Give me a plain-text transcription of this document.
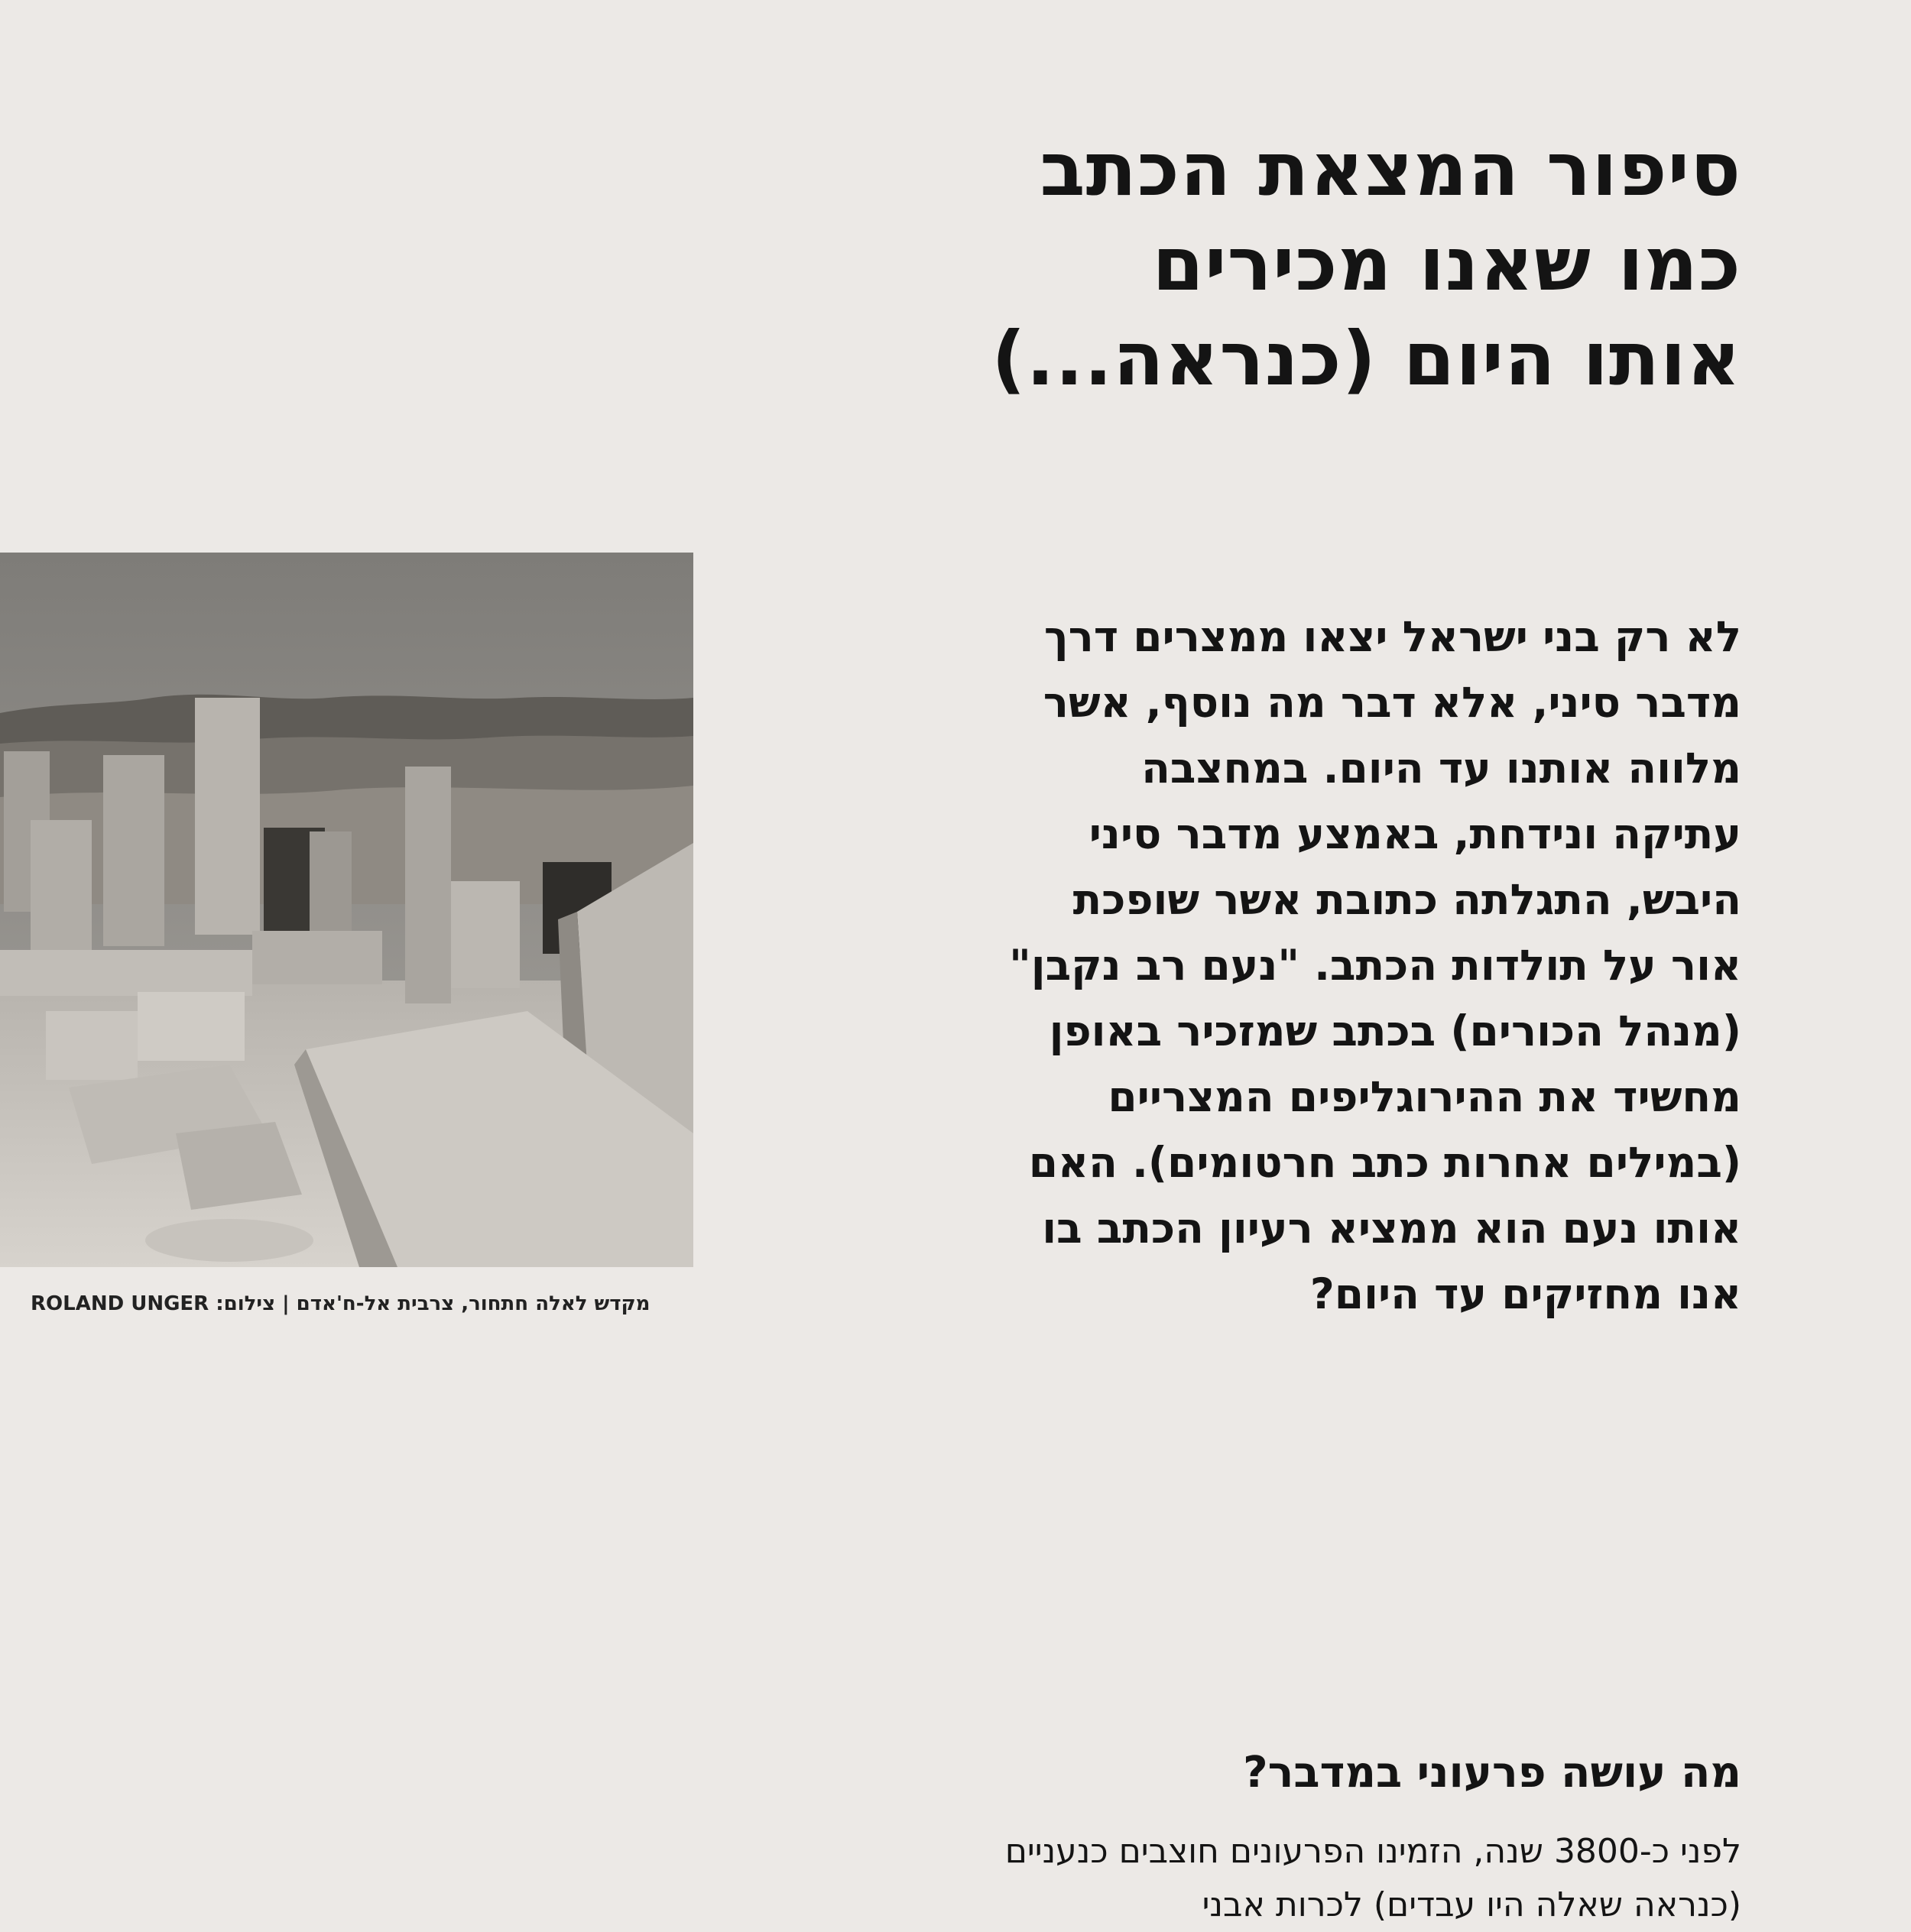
סיפור המצאת הכתב כמו שאנו מכירים אותו היום (כנראה...)

לא רק בני ישראל יצאו ממצרים דרך מדבר סיני, אלא דבר מה נוסף, אשר מלווה אותנו עד היום. במחצבה עתיקה ונידחת, באמצע מדבר סיני היבש, התגלתה כתובת אשר שופכת אור על תולדות הכתב. "נעם רב נקבן" (מנהל הכורים) בכתב שמזכיר באופן מחשיד את ההירוגליפים המצריים (במילים אחרות כתב חרטומים). האם אותו נעם הוא ממציא רעיון הכתב בו אנו מחזיקים עד היום?

מקדש לאלה חתחור, צרבית אל-ח'אדם | צילום: ROLAND UNGER

מה עושה פרעוני במדבר?

לפני כ-3800 שנה, הזמינו הפרעונים חוצבים כנעניים (כנראה שאלה היו עבדים) לכרות אבני
